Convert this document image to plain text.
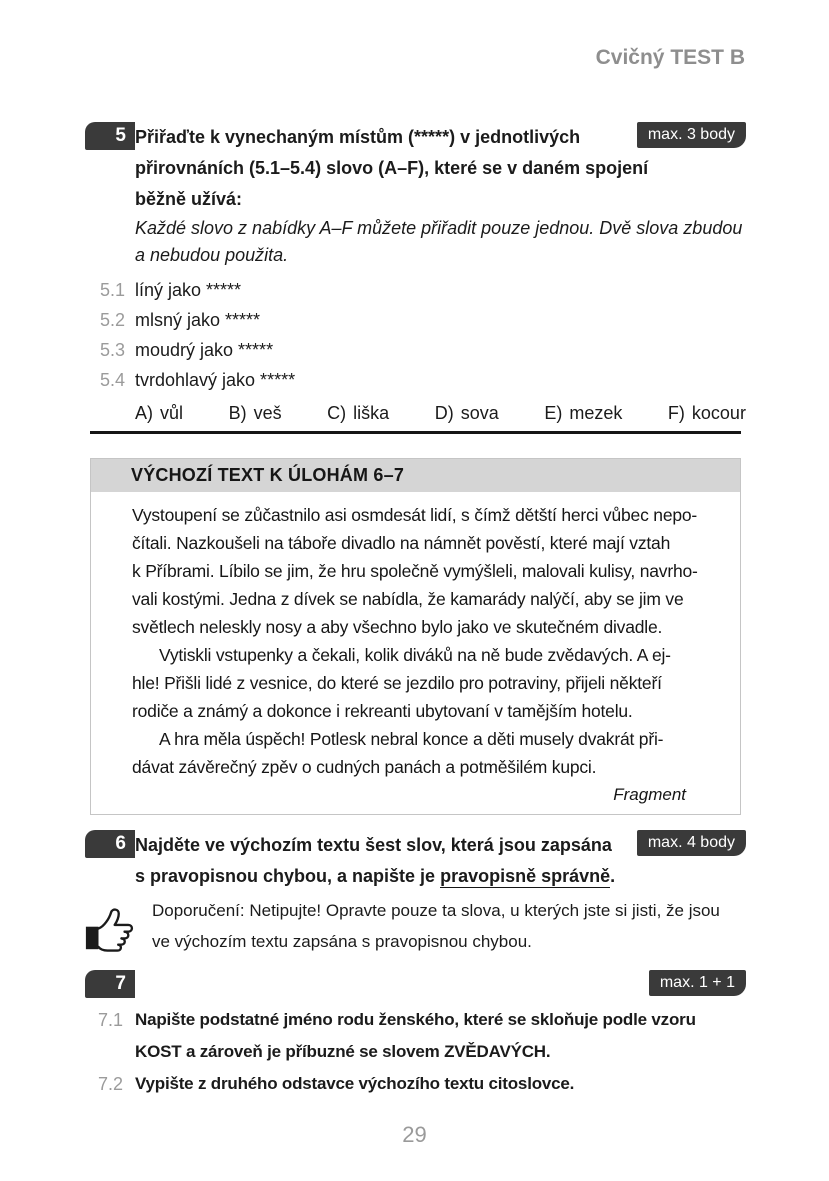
Cvičný TEST B
5	max. 3 body
Přiřaďte k vynechaným místům (*****) v jednotlivých
přirovnáních (5.1–5.4) slovo (A–F), které se v daném spojení
běžně užívá:
Každé slovo z nabídky A–F můžete přiřadit pouze jednou. Dvě slova zbudou
a nebudou použita.
5.1 líný jako *****
5.2 mlsný jako *****
5.3 moudrý jako *****
5.4 tvrdohlavý jako *****
A) vůl	B) veš	C) liška	D) sova	E) mezek	F) kocour
VÝCHOZÍ TEXT K ÚLOHÁM 6–7
Vystoupení se zůčastnilo asi osmdesát lidí, s čímž dětští herci vůbec nepo-
čítali. Nazkoušeli na táboře divadlo na námnět pověstí, které mají vztah
k Příbrami. Líbilo se jim, že hru společně vymýšleli, malovali kulisy, navrho-
vali kostými. Jedna z dívek se nabídla, že kamarády nalýčí, aby se jim ve
světlech neleskly nosy a aby všechno bylo jako ve skutečném divadle.
Vytiskli vstupenky a čekali, kolik diváků na ně bude zvědavých. A ej-
hle! Přišli lidé z vesnice, do které se jezdilo pro potraviny, přijeli někteří
rodiče a známý a dokonce i rekreanti ubytovaní v tamějším hotelu.
A hra měla úspěch! Potlesk nebral konce a děti musely dvakrát při-
dávat závěrečný zpěv o cudných panách a potměšilém kupci.
Fragment
6	max. 4 body
Najděte ve výchozím textu šest slov, která jsou zapsána
s pravopisnou chybou, a napište je pravopisně správně.
Doporučení: Netipujte! Opravte pouze ta slova, u kterých jste si jisti, že jsou
ve výchozím textu zapsána s pravopisnou chybou.
7	max. 1 + 1
7.1 Napište podstatné jméno rodu ženského, které se skloňuje podle vzoru
KOST a zároveň je příbuzné se slovem ZVĚDAVÝCH.
7.2 Vypište z druhého odstavce výchozího textu citoslovce.
29
